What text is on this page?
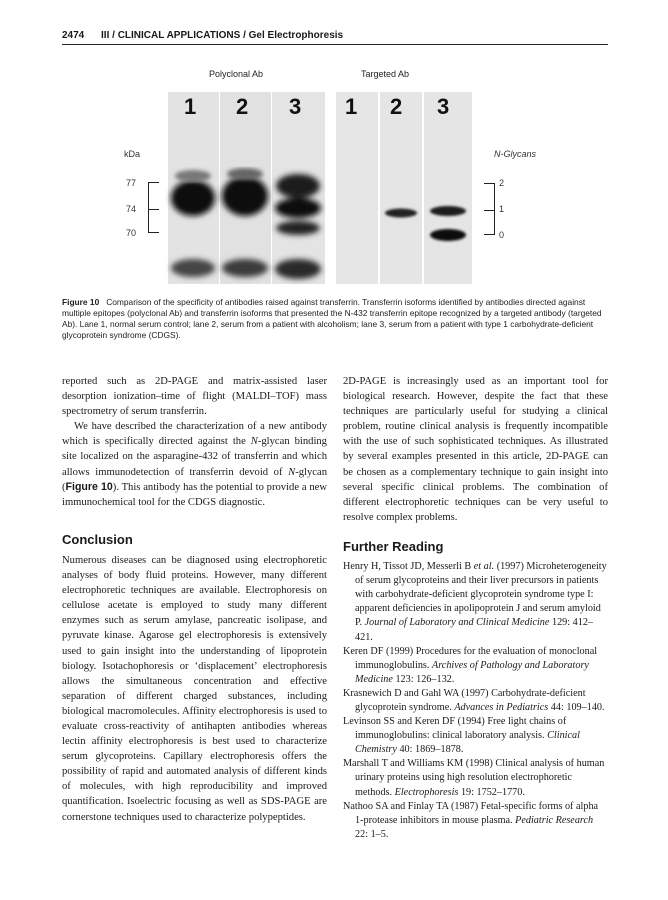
2474 III / CLINICAL APPLICATIONS / Gel Electrophoresis
Polyclonal Ab	Targeted Ab
1 2 3 1 2 3
kDa
77
74
70
N-Glycans
2
1
0
Figure 10 Comparison of the specificity of antibodies raised against transferrin. Transferrin isoforms identified by antibodies directed against multiple epitopes (polyclonal Ab) and transferrin isoforms that presented the N-432 transferrin epitope recognized by a targeted antibody (targeted Ab). Lane 1, normal serum control; lane 2, serum from a patient with alcoholism; lane 3, serum from a patient with type 1 carbohydrate-deficient glycoprotein syndrome (CDGS).

reported such as 2D-PAGE and matrix-assisted laser desorption ionization–time of flight (MALDI–TOF) mass spectrometry of serum transferrin.

We have described the characterization of a new antibody which is specifically directed against the N-glycan binding site localized on the asparagine-432 of transferrin and which allows immunodetection of transferrin devoid of N-glycan (Figure 10). This antibody has the potential to provide a new immunochemical tool for the CDGS diagnostic.

Conclusion

Numerous diseases can be diagnosed using electrophoretic analyses of body fluid proteins. However, many different electrophoretic techniques are available. Electrophoresis on cellulose acetate is employed to study many different enzymes such as serum amylase, pancreatic isolipase, and pyruvate kinase. Agarose gel electrophoresis is extensively used to gain insight into the understanding of lipoprotein biology. Isotachophoresis or ‘displacement’ electrophoresis allows the simultaneous concentration and effective separation of different charged substances, including biological macromolecules. Affinity electrophoresis is used to evaluate cross-reactivity of antihapten antibodies whereas lectin affinity electrophoresis is best used to characterize serum glycoproteins. Capillary electrophoresis offers the possibility of rapid and automated analysis of different kinds of molecules, with high reproducibility and improved quantification. Isoelectric focusing as well as SDS-PAGE are cornerstone techniques used to characterize polypeptides.

2D-PAGE is increasingly used as an important tool for biological research. However, despite the fact that these techniques are particularly useful for studying a clinical problem, routine clinical analysis is frequently incompatible with the use of such sophisticated techniques. As illustrated by several examples presented in this article, 2D-PAGE can be chosen as a complementary technique to gain insight into several specific clinical problems. The combination of different electrophoretic techniques can be very useful to resolve complex problems.

Further Reading

Henry H, Tissot JD, Messerli B et al. (1997) Microheterogeneity of serum glycoproteins and their liver precursors in patients with carbohydrate-deficient glycoprotein syndrome type I: apparent deficiencies in apolipoprotein J and serum amyloid P. Journal of Laboratory and Clinical Medicine 129: 412–421.

Keren DF (1999) Procedures for the evaluation of monoclonal immunoglobulins. Archives of Pathology and Laboratory Medicine 123: 126–132.

Krasnewich D and Gahl WA (1997) Carbohydrate-deficient glycoprotein syndrome. Advances in Pediatrics 44: 109–140.

Levinson SS and Keren DF (1994) Free light chains of immunoglobulins: clinical laboratory analysis. Clinical Chemistry 40: 1869–1878.

Marshall T and Williams KM (1998) Clinical analysis of human urinary proteins using high resolution electrophoretic methods. Electrophoresis 19: 1752–1770.

Nathoo SA and Finlay TA (1987) Fetal-specific forms of alpha 1-protease inhibitors in mouse plasma. Pediatric Research 22: 1–5.
